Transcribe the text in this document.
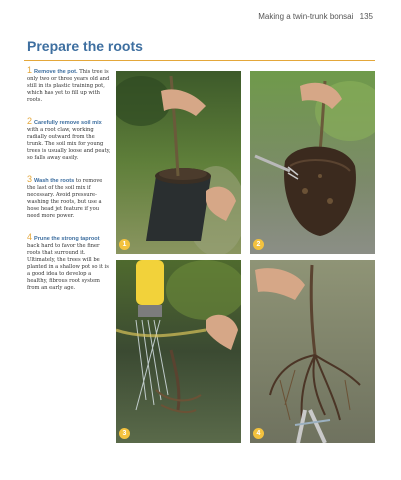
Making a twin-trunk bonsai 135
Prepare the roots
1 Remove the pot. This tree is only two or three years old and still in its plastic training pot, which has yet to fill up with roots.
2 Carefully remove soil mix with a root claw, working radially outward from the trunk. The soil mix for young trees is usually loose and peaty, so falls away easily.
3 Wash the roots to remove the last of the soil mix if necessary. Avoid pressure-washing the roots, but use a hose head jet feature if you need more power.
4 Prune the strong taproot back hard to favor the finer roots that surround it. Ultimately, the trees will be planted in a shallow pot so it is a good idea to develop a healthy, fibrous root system from an early age.
1	2
3	4
